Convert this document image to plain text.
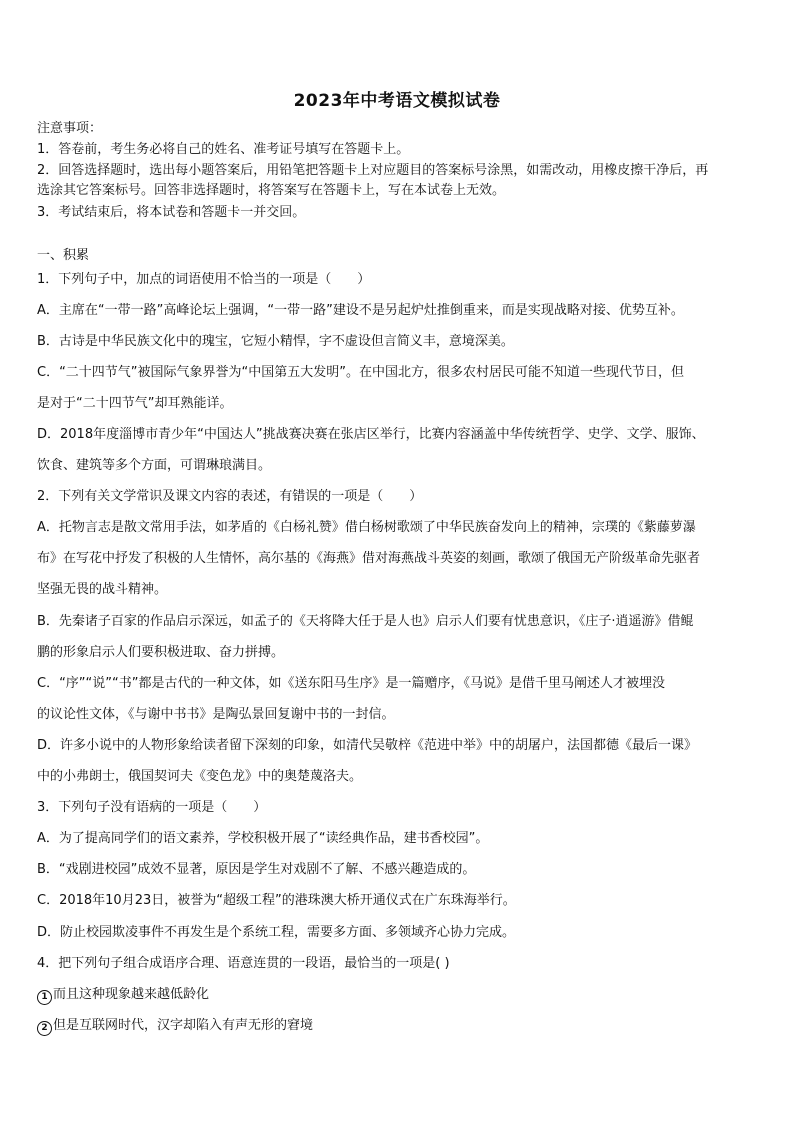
2023年中考语文模拟试卷
注意事项：
1．答卷前，考生务必将自己的姓名、准考证号填写在答题卡上。
2．回答选择题时，选出每小题答案后，用铅笔把答题卡上对应题目的答案标号涂黑，如需改动，用橡皮擦干净后，再
选涂其它答案标号。回答非选择题时，将答案写在答题卡上，写在本试卷上无效。
3．考试结束后，将本试卷和答题卡一并交回。
一、积累
1．下列句子中，加点的词语使用不恰当的一项是（　　）
A．主席在“一带一路”高峰论坛上强调，“一带一路”建设不是另起炉灶推倒重来，而是实现战略对接、优势互补。
B．古诗是中华民族文化中的瑰宝，它短小精悍，字不虚设但言简义丰，意境深美。
C．“二十四节气”被国际气象界誉为“中国第五大发明”。在中国北方，很多农村居民可能不知道一些现代节日，但
是对于“二十四节气”却耳熟能详。
D．2018年度淄博市青少年“中国达人”挑战赛决赛在张店区举行，比赛内容涵盖中华传统哲学、史学、文学、服饰、
饮食、建筑等多个方面，可谓琳琅满目。
2．下列有关文学常识及课文内容的表述，有错误的一项是（　　）
A．托物言志是散文常用手法，如茅盾的《白杨礼赞》借白杨树歌颂了中华民族奋发向上的精神，宗璞的《紫藤萝瀑
布》在写花中抒发了积极的人生情怀，高尔基的《海燕》借对海燕战斗英姿的刻画，歌颂了俄国无产阶级革命先驱者
坚强无畏的战斗精神。
B．先秦诸子百家的作品启示深远，如孟子的《天将降大任于是人也》启示人们要有忧患意识，《庄子·逍遥游》借鲲
鹏的形象启示人们要积极进取、奋力拼搏。
C．“序”“说”“书”都是古代的一种文体，如《送东阳马生序》是一篇赠序，《马说》是借千里马阐述人才被埋没
的议论性文体，《与谢中书书》是陶弘景回复谢中书的一封信。
D．许多小说中的人物形象给读者留下深刻的印象，如清代吴敬梓《范进中举》中的胡屠户，法国都德《最后一课》
中的小弗朗士，俄国契诃夫《变色龙》中的奥楚蔑洛夫。
3．下列句子没有语病的一项是（　　）
A．为了提高同学们的语文素养，学校积极开展了“读经典作品，建书香校园”。
B．“戏剧进校园”成效不显著，原因是学生对戏剧不了解、不感兴趣造成的。
C．2018年10月23日，被誉为“超级工程”的港珠澳大桥开通仪式在广东珠海举行。
D．防止校园欺凌事件不再发生是个系统工程，需要多方面、多领域齐心协力完成。
4．把下列句子组合成语序合理、语意连贯的一段语，最恰当的一项是( )
1 而且这种现象越来越低龄化
2 但是互联网时代，汉字却陷入有声无形的窘境
